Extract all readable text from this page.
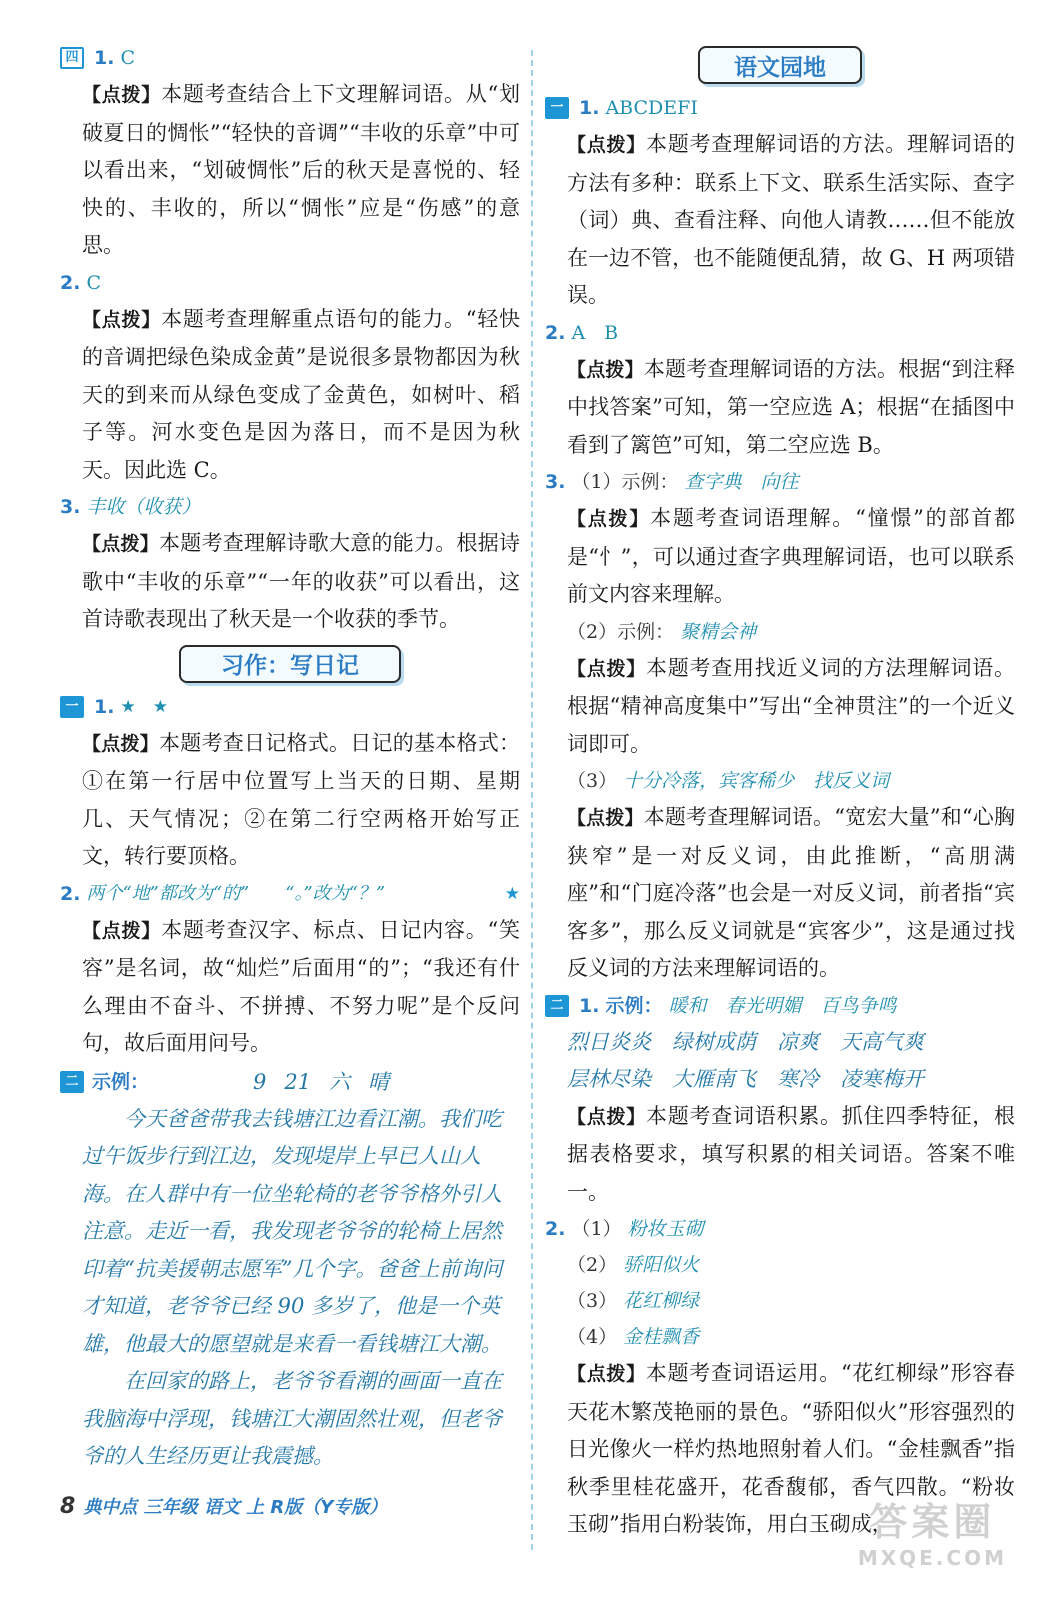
四 1. C
【点拨】本题考查结合上下文理解词语。从“划破夏日的惆怅”“轻快的音调”“丰收的乐章”中可以看出来，“划破惆怅”后的秋天是喜悦的、轻快的、丰收的，所以“惆怅”应是“伤感”的意思。
2. C
【点拨】本题考查理解重点语句的能力。“轻快的音调把绿色染成金黄”是说很多景物都因为秋天的到来而从绿色变成了金黄色，如树叶、稻子等。河水变色是因为落日，而不是因为秋天。因此选 C。
3. 丰收（收获）
【点拨】本题考查理解诗歌大意的能力。根据诗歌中“丰收的乐章”“一年的收获”可以看出，这首诗歌表现出了秋天是一个收获的季节。
习作：写日记
一 1. ★　★
【点拨】本题考查日记格式。日记的基本格式：①在第一行居中位置写上当天的日期、星期几、天气情况；②在第二行空两格开始写正文，转行要顶格。
2. 两个“地”都改为“的”　　“。”改为“？”	★
【点拨】本题考查汉字、标点、日记内容。“笑容”是名词，故“灿烂”后面用“的”；“我还有什么理由不奋斗、不拼搏、不努力呢”是个反问句，故后面用问号。
二 示例：	9 21 六 晴
今天爸爸带我去钱塘江边看江潮。我们吃过午饭步行到江边，发现堤岸上早已人山人海。在人群中有一位坐轮椅的老爷爷格外引人注意。走近一看，我发现老爷爷的轮椅上居然印着“抗美援朝志愿军”几个字。爸爸上前询问才知道，老爷爷已经 90 多岁了，他是一个英雄，他最大的愿望就是来看一看钱塘江大潮。
在回家的路上，老爷爷看潮的画面一直在我脑海中浮现，钱塘江大潮固然壮观，但老爷爷的人生经历更让我震撼。
语文园地
一 1. ABCDEFI
【点拨】本题考查理解词语的方法。理解词语的方法有多种：联系上下文、联系生活实际、查字（词）典、查看注释、向他人请教……但不能放在一边不管，也不能随便乱猜，故 G、H 两项错误。
2. A　B
【点拨】本题考查理解词语的方法。根据“到注释中找答案”可知，第一空应选 A；根据“在插图中看到了篱笆”可知，第二空应选 B。
3. （1）示例： 查字典　向往
【点拨】本题考查词语理解。“憧憬”的部首都是“忄”，可以通过查字典理解词语，也可以联系前文内容来理解。
（2）示例： 聚精会神
【点拨】本题考查用找近义词的方法理解词语。根据“精神高度集中”写出“全神贯注”的一个近义词即可。
（3） 十分冷落，宾客稀少　找反义词
【点拨】本题考查理解词语。“宽宏大量”和“心胸狭窄”是一对反义词，由此推断，“高朋满座”和“门庭冷落”也会是一对反义词，前者指“宾客多”，那么反义词就是“宾客少”，这是通过找反义词的方法来理解词语的。
二 1. 示例： 暖和　春光明媚　百鸟争鸣
烈日炎炎　绿树成荫　凉爽　天高气爽
层林尽染　大雁南飞　寒冷　凌寒梅开
【点拨】本题考查词语积累。抓住四季特征，根据表格要求，填写积累的相关词语。答案不唯一。
2. （1） 粉妆玉砌
（2） 骄阳似火
（3） 花红柳绿
（4） 金桂飘香
【点拨】本题考查词语运用。“花红柳绿”形容春天花木繁茂艳丽的景色。“骄阳似火”形容强烈的日光像火一样灼热地照射着人们。“金桂飘香”指秋季里桂花盛开，花香馥郁，香气四散。“粉妆玉砌”指用白粉装饰，用白玉砌成，
8 典中点 三年级 语文 上 R版（Y专版）	答案圈
MXQE.COM
